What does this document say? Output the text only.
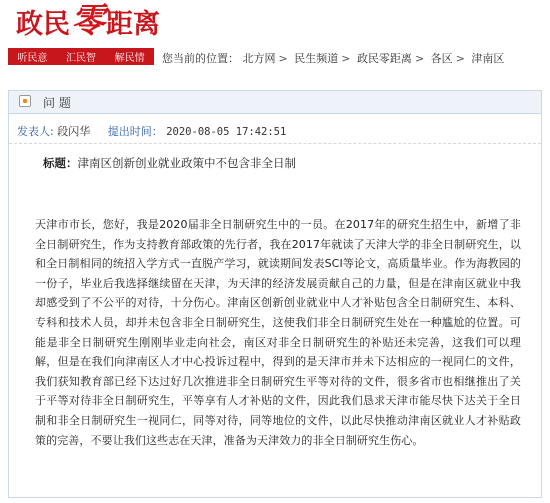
政民 零 距离
听民意 汇民智 解民情 您当前的位置： 北方网 > 民生频道 > 政民零距离 > 各区 > 津南区
问 题
发表人: 段闪华 提出时间： 2020-08-05 17:42:51
标题：津南区创新创业就业政策中不包含非全日制
天津市市长，您好，我是2020届非全日制研究生中的一员。在2017年的研究生招生中，新增了非全日制研究生，作为支持教育部政策的先行者，我在2017年就读了天津大学的非全日制研究生，以和全日制相同的统招入学方式一直脱产学习，就读期间发表SCI等论文，高质量毕业。作为海教园的一份子，毕业后我选择继续留在天津，为天津的经济发展贡献自己的力量，但是在津南区就业中我却感受到了不公平的对待，十分伤心。津南区创新创业就业中人才补贴包含全日制研究生、本科、专科和技术人员，却并未包含非全日制研究生，这使我们非全日制研究生处在一种尴尬的位置。可能是非全日制研究生刚刚毕业走向社会，南区对非全日制研究生的补贴还未完善，这我们可以理解，但是在我们向津南区人才中心投诉过程中，得到的是天津市并未下达相应的一视同仁的文件，我们获知教育部已经下达过好几次推进非全日制研究生平等对待的文件，很多省市也相继推出了关于平等对待非全日制研究生，平等享有人才补贴的文件，因此我们恳求天津市能尽快下达关于全日制和非全日制研究生一视同仁，同等对待，同等地位的文件，以此尽快推动津南区就业人才补贴政策的完善，不要让我们这些志在天津，准备为天津效力的非全日制研究生伤心。
